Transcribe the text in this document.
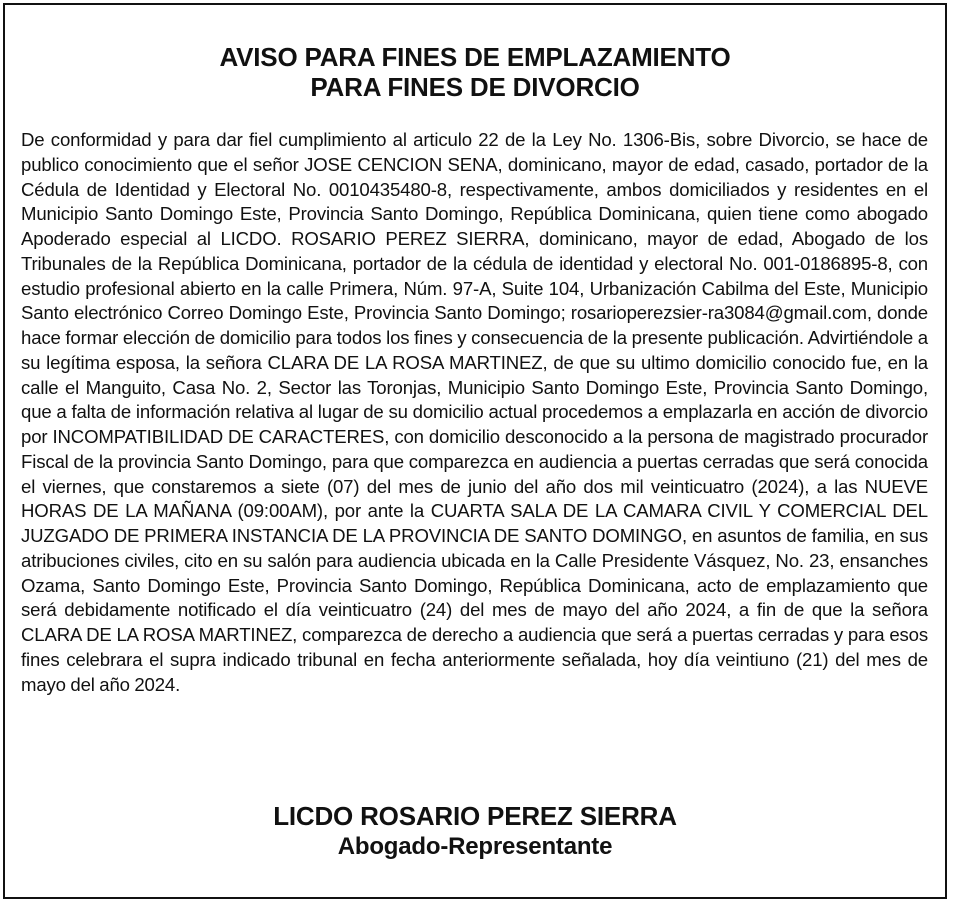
AVISO PARA FINES DE EMPLAZAMIENTO
PARA FINES DE DIVORCIO

De conformidad y para dar fiel cumplimiento al articulo 22 de la Ley No. 1306-Bis, sobre Divorcio, se hace de publico conocimiento que el señor JOSE CENCION SENA, dominicano, mayor de edad, casado, portador de la Cédula de Identidad y Electoral No. 0010435480-8, respectivamente, ambos domiciliados y residentes en el Municipio Santo Domingo Este, Provincia Santo Domingo, República Dominicana, quien tiene como abogado Apoderado especial al LICDO. ROSARIO PEREZ SIERRA, dominicano, mayor de edad, Abogado de los Tribunales de la República Dominicana, portador de la cédula de identidad y electoral No. 001-0186895-8, con estudio profesional abierto en la calle Primera, Núm. 97-A, Suite 104, Urbanización Cabilma del Este, Municipio Santo electrónico Correo Domingo Este, Provincia Santo Domingo; rosarioperezsier-ra3084@gmail.com, donde hace formar elección de domicilio para todos los fines y consecuencia de la presente publicación. Advirtiéndole a su legítima esposa, la señora CLARA DE LA ROSA MARTINEZ, de que su ultimo domicilio conocido fue, en la calle el Manguito, Casa No. 2, Sector las Toronjas, Municipio Santo Domingo Este, Provincia Santo Domingo, que a falta de información relativa al lugar de su domicilio actual procedemos a emplazarla en acción de divorcio por INCOMPATIBILIDAD DE CARACTERES, con domicilio desconocido a la persona de magistrado procurador Fiscal de la provincia Santo Domingo, para que comparezca en audiencia a puertas cerradas que será conocida el viernes, que constaremos a siete (07) del mes de junio del año dos mil veinticuatro (2024), a las NUEVE HORAS DE LA MAÑANA (09:00AM), por ante la CUARTA SALA DE LA CAMARA CIVIL Y COMERCIAL DEL JUZGADO DE PRIMERA INSTANCIA DE LA PROVINCIA DE SANTO DOMINGO, en asuntos de familia, en sus atribuciones civiles, cito en su salón para audiencia ubicada en la Calle Presidente Vásquez, No. 23, ensanches Ozama, Santo Domingo Este, Provincia Santo Domingo, República Dominicana, acto de emplazamiento que será debidamente notificado el día veinticuatro (24) del mes de mayo del año 2024, a fin de que la señora CLARA DE LA ROSA MARTINEZ, comparezca de derecho a audiencia que será a puertas cerradas y para esos fines celebrara el supra indicado tribunal en fecha anteriormente señalada, hoy día veintiuno (21) del mes de mayo del año 2024.

LICDO ROSARIO PEREZ SIERRA
Abogado-Representante
